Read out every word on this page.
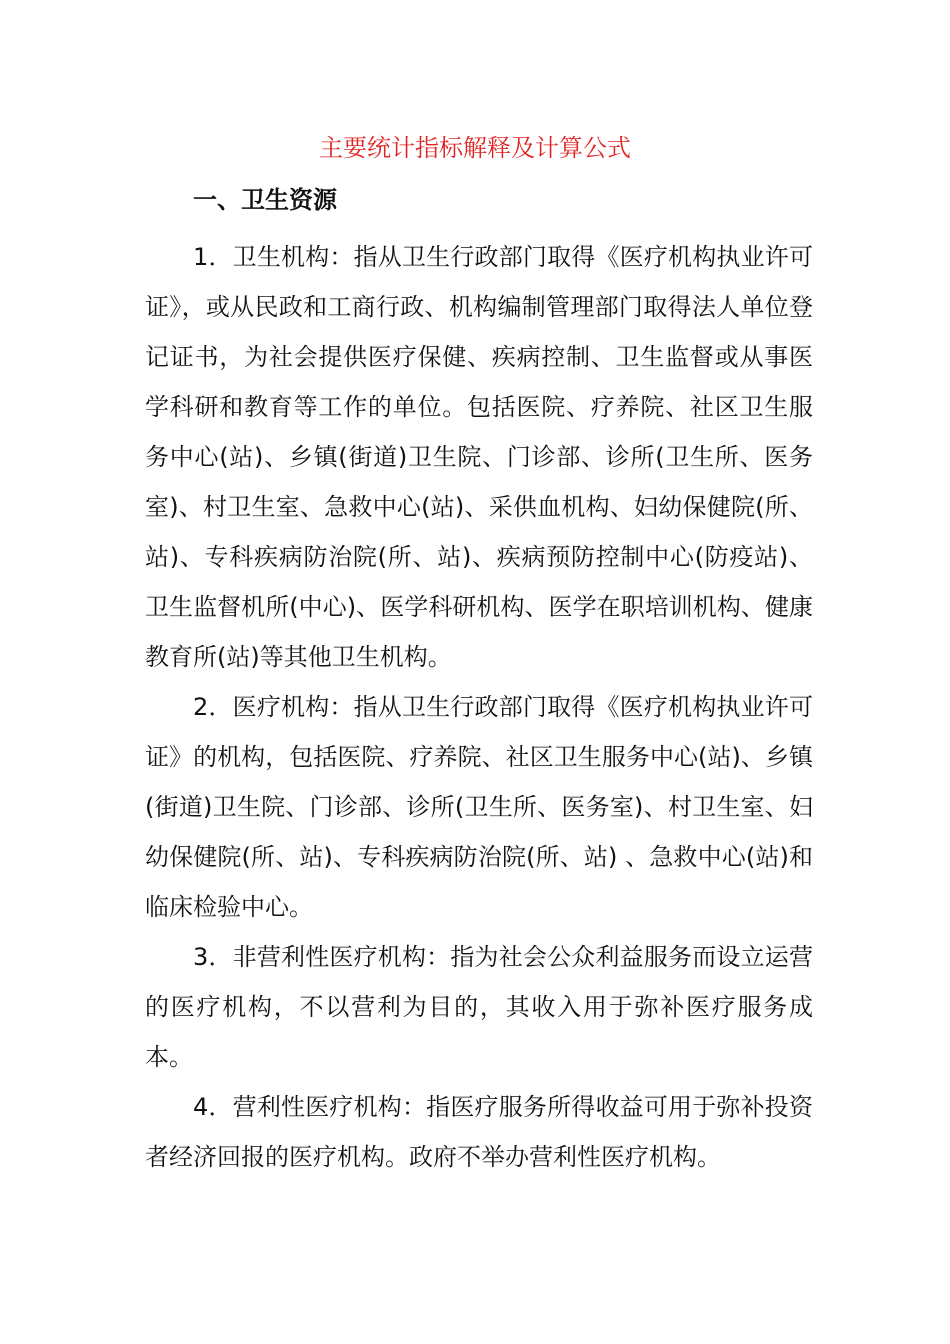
主要统计指标解释及计算公式
一、卫生资源

1．卫生机构：指从卫生行政部门取得《医疗机构执业许可证》，或从民政和工商行政、机构编制管理部门取得法人单位登记证书，为社会提供医疗保健、疾病控制、卫生监督或从事医学科研和教育等工作的单位。包括医院、疗养院、社区卫生服务中心(站)、乡镇(街道)卫生院、门诊部、诊所(卫生所、医务室)、村卫生室、急救中心(站)、采供血机构、妇幼保健院(所、站)、专科疾病防治院(所、站)、疾病预防控制中心(防疫站)、卫生监督机所(中心)、医学科研机构、医学在职培训机构、健康教育所(站)等其他卫生机构。

2．医疗机构：指从卫生行政部门取得《医疗机构执业许可证》的机构，包括医院、疗养院、社区卫生服务中心(站)、乡镇(街道)卫生院、门诊部、诊所(卫生所、医务室)、村卫生室、妇幼保健院(所、站)、专科疾病防治院(所、站) 、急救中心(站)和临床检验中心。

3．非营利性医疗机构：指为社会公众利益服务而设立运营的医疗机构，不以营利为目的，其收入用于弥补医疗服务成本。

4．营利性医疗机构：指医疗服务所得收益可用于弥补投资者经济回报的医疗机构。政府不举办营利性医疗机构。
